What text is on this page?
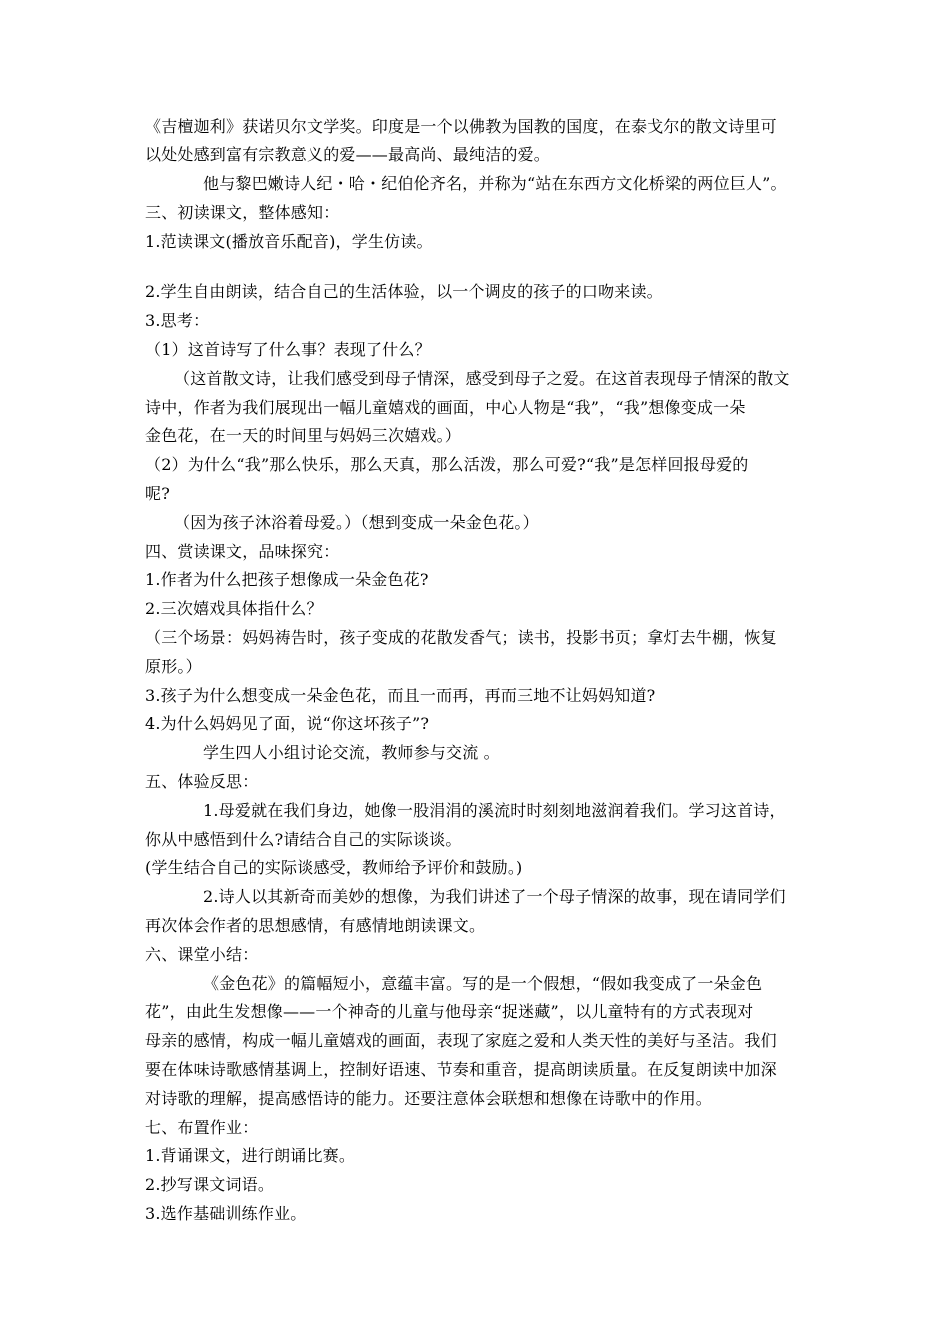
《吉檀迦利》获诺贝尔文学奖。印度是一个以佛教为国教的国度，在泰戈尔的散文诗里可
以处处感到富有宗教意义的爱——最高尚、最纯洁的爱。
他与黎巴嫩诗人纪・哈・纪伯伦齐名，并称为“站在东西方文化桥梁的两位巨人”。
三、初读课文，整体感知：
1.范读课文(播放音乐配音)，学生仿读。
2.学生自由朗读，结合自己的生活体验，以一个调皮的孩子的口吻来读。
3.思考：
（1）这首诗写了什么事？表现了什么？
（这首散文诗，让我们感受到母子情深，感受到母子之爱。在这首表现母子情深的散文
诗中，作者为我们展现出一幅儿童嬉戏的画面，中心人物是“我”，“我”想像变成一朵
金色花，在一天的时间里与妈妈三次嬉戏。）
（2）为什么“我”那么快乐，那么天真，那么活泼，那么可爱?“我”是怎样回报母爱的
呢?
（因为孩子沐浴着母爱。）（想到变成一朵金色花。）
四、赏读课文，品味探究：
1.作者为什么把孩子想像成一朵金色花?
2.三次嬉戏具体指什么？
（三个场景：妈妈祷告时，孩子变成的花散发香气；读书，投影书页；拿灯去牛棚，恢复
原形。）
3.孩子为什么想变成一朵金色花，而且一而再，再而三地不让妈妈知道?
4.为什么妈妈见了面，说“你这坏孩子”?
学生四人小组讨论交流，教师参与交流 。
五、体验反思：
1.母爱就在我们身边，她像一股涓涓的溪流时时刻刻地滋润着我们。学习这首诗，
你从中感悟到什么?请结合自己的实际谈谈。
(学生结合自己的实际谈感受，教师给予评价和鼓励。)
2.诗人以其新奇而美妙的想像，为我们讲述了一个母子情深的故事，现在请同学们
再次体会作者的思想感情，有感情地朗读课文。
六、课堂小结：
《金色花》的篇幅短小，意蕴丰富。写的是一个假想，“假如我变成了一朵金色
花”，由此生发想像——一个神奇的儿童与他母亲“捉迷藏”，以儿童特有的方式表现对
母亲的感情，构成一幅儿童嬉戏的画面，表现了家庭之爱和人类天性的美好与圣洁。我们
要在体味诗歌感情基调上，控制好语速、节奏和重音，提高朗读质量。在反复朗读中加深
对诗歌的理解，提高感悟诗的能力。还要注意体会联想和想像在诗歌中的作用。
七、布置作业：
1.背诵课文，进行朗诵比赛。
2.抄写课文词语。
3.选作基础训练作业。
